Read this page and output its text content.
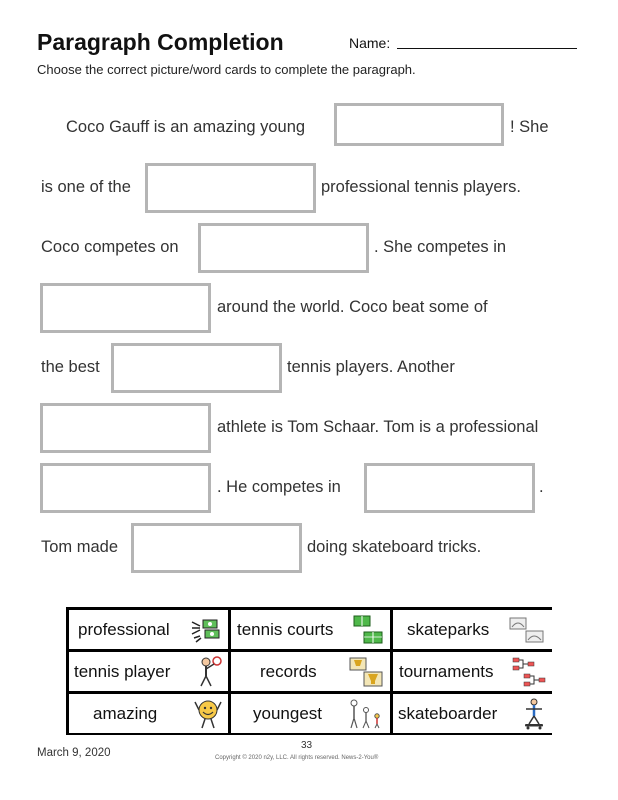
Paragraph Completion	Name:
Choose the correct picture/word cards to complete the paragraph.
Coco Gauff is an amazing young	! She
is one of the	professional tennis players.
Coco competes on	. She competes in
around the world. Coco beat some of
the best	tennis players. Another
athlete is Tom Schaar. Tom is a professional
. He competes in	.
Tom made	doing skateboard tricks.
professional	tennis courts	skateparks
tennis player	records	tournaments
amazing	youngest	skateboarder
March 9, 2020
33
Copyright © 2020 n2y, LLC. All rights reserved. News-2-You®
